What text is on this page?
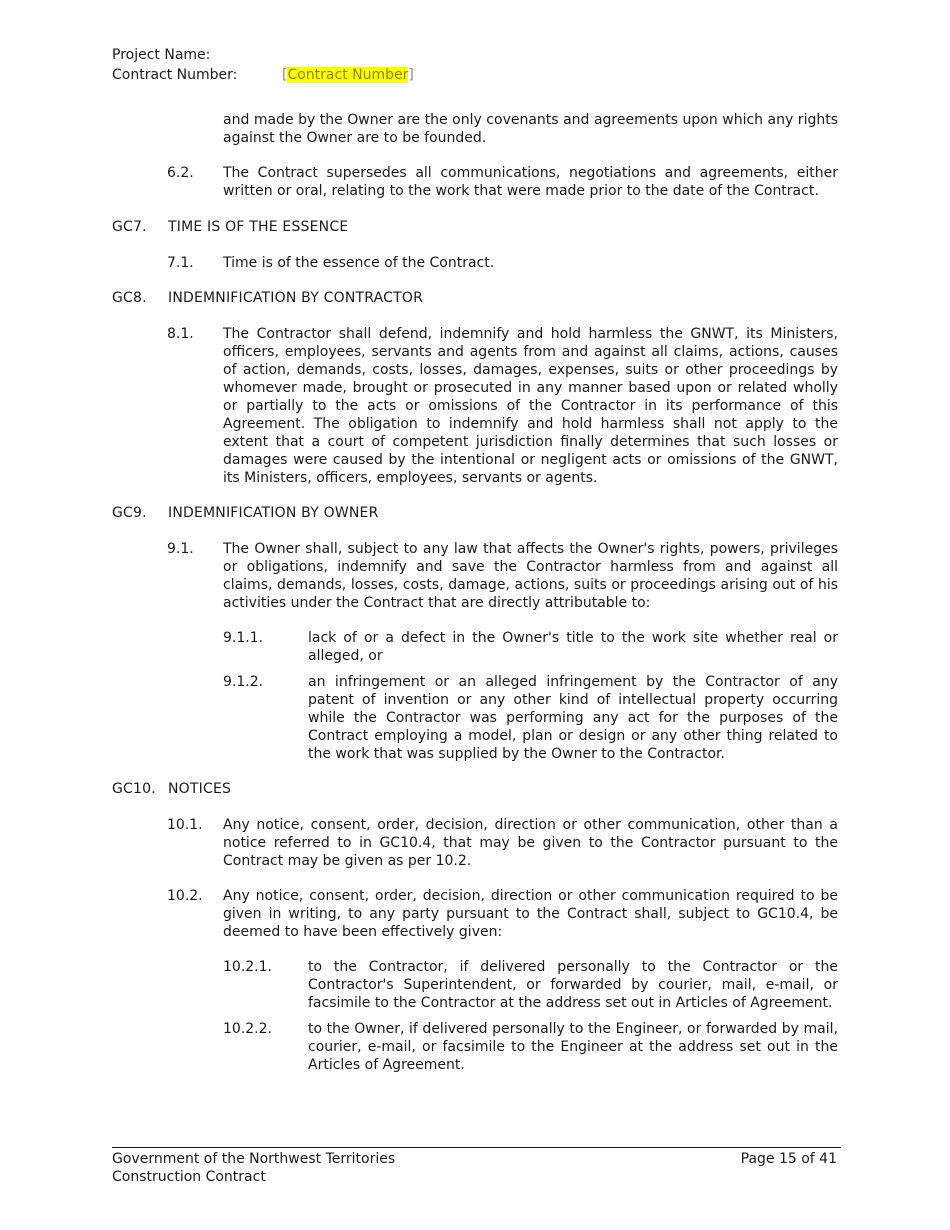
Project Name:
Contract Number:	[Contract Number]
and made by the Owner are the only covenants and agreements upon which any rights against the Owner are to be founded.
6.2.	The Contract supersedes all communications, negotiations and agreements, either written or oral, relating to the work that were made prior to the date of the Contract.
GC7.	TIME IS OF THE ESSENCE
7.1.	Time is of the essence of the Contract.
GC8.	INDEMNIFICATION BY CONTRACTOR
8.1.	The Contractor shall defend, indemnify and hold harmless the GNWT, its Ministers, officers, employees, servants and agents from and against all claims, actions, causes of action, demands, costs, losses, damages, expenses, suits or other proceedings by whomever made, brought or prosecuted in any manner based upon or related wholly or partially to the acts or omissions of the Contractor in its performance of this Agreement. The obligation to indemnify and hold harmless shall not apply to the extent that a court of competent jurisdiction finally determines that such losses or damages were caused by the intentional or negligent acts or omissions of the GNWT, its Ministers, officers, employees, servants or agents.
GC9.	INDEMNIFICATION BY OWNER
9.1.	The Owner shall, subject to any law that affects the Owner's rights, powers, privileges or obligations, indemnify and save the Contractor harmless from and against all claims, demands, losses, costs, damage, actions, suits or proceedings arising out of his activities under the Contract that are directly attributable to:
9.1.1.	lack of or a defect in the Owner's title to the work site whether real or alleged, or
9.1.2.	an infringement or an alleged infringement by the Contractor of any patent of invention or any other kind of intellectual property occurring while the Contractor was performing any act for the purposes of the Contract employing a model, plan or design or any other thing related to the work that was supplied by the Owner to the Contractor.
GC10. NOTICES
10.1.	Any notice, consent, order, decision, direction or other communication, other than a notice referred to in GC10.4, that may be given to the Contractor pursuant to the Contract may be given as per 10.2.
10.2.	Any notice, consent, order, decision, direction or other communication required to be given in writing, to any party pursuant to the Contract shall, subject to GC10.4, be deemed to have been effectively given:
10.2.1.	to the Contractor, if delivered personally to the Contractor or the Contractor's Superintendent, or forwarded by courier, mail, e-mail, or facsimile to the Contractor at the address set out in Articles of Agreement.
10.2.2.	to the Owner, if delivered personally to the Engineer, or forwarded by mail, courier, e-mail, or facsimile to the Engineer at the address set out in the Articles of Agreement.
Government of the Northwest Territories	Page 15 of 41
Construction Contract
